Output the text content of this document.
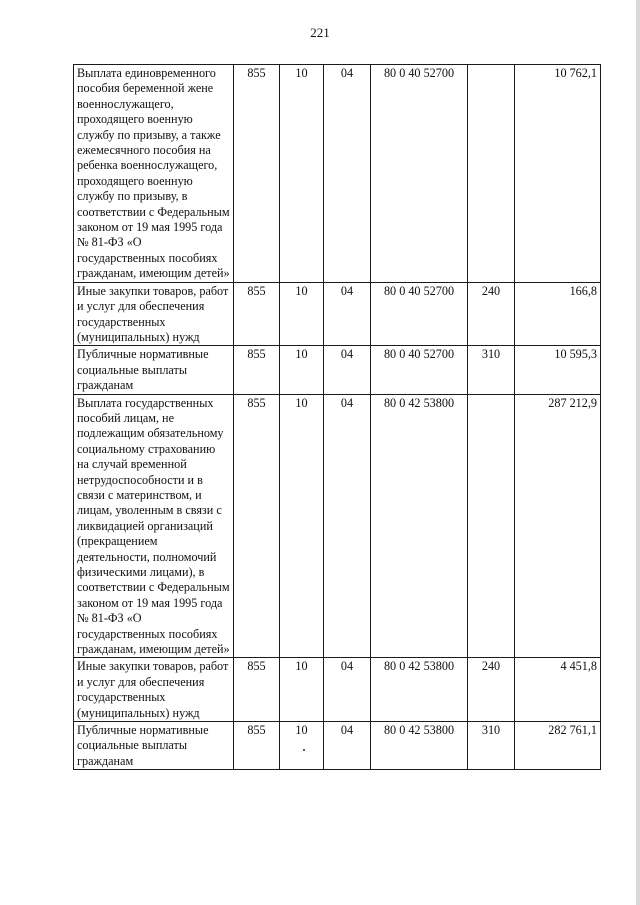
221
Выплата единовременного пособия беременной жене военнослужащего, проходящего военную службу по призыву, а также ежемесячного пособия на ребенка военнослужащего, проходящего военную службу по призыву, в соответствии с Федеральным законом от 19 мая 1995 года № 81-ФЗ «О государственных пособиях гражданам, имеющим детей»	855	10	04	80 0 40 52700		10 762,1
Иные закупки товаров, работ и услуг для обеспечения государственных (муниципальных) нужд	855	10	04	80 0 40 52700	240	166,8
Публичные нормативные социальные выплаты гражданам	855	10	04	80 0 40 52700	310	10 595,3
Выплата государственных пособий лицам, не подлежащим обязательному социальному страхованию на случай временной нетрудоспособности и в связи с материнством, и лицам, уволенным в связи с ликвидацией организаций (прекращением деятельности, полномочий физическими лицами), в соответствии с Федеральным законом от 19 мая 1995 года № 81-ФЗ «О государственных пособиях гражданам, имеющим детей»	855	10	04	80 0 42 53800		287 212,9
Иные закупки товаров, работ и услуг для обеспечения государственных (муниципальных) нужд	855	10	04	80 0 42 53800	240	4 451,8
Публичные нормативные социальные выплаты гражданам	855	10	04	80 0 42 53800	310	282 761,1
